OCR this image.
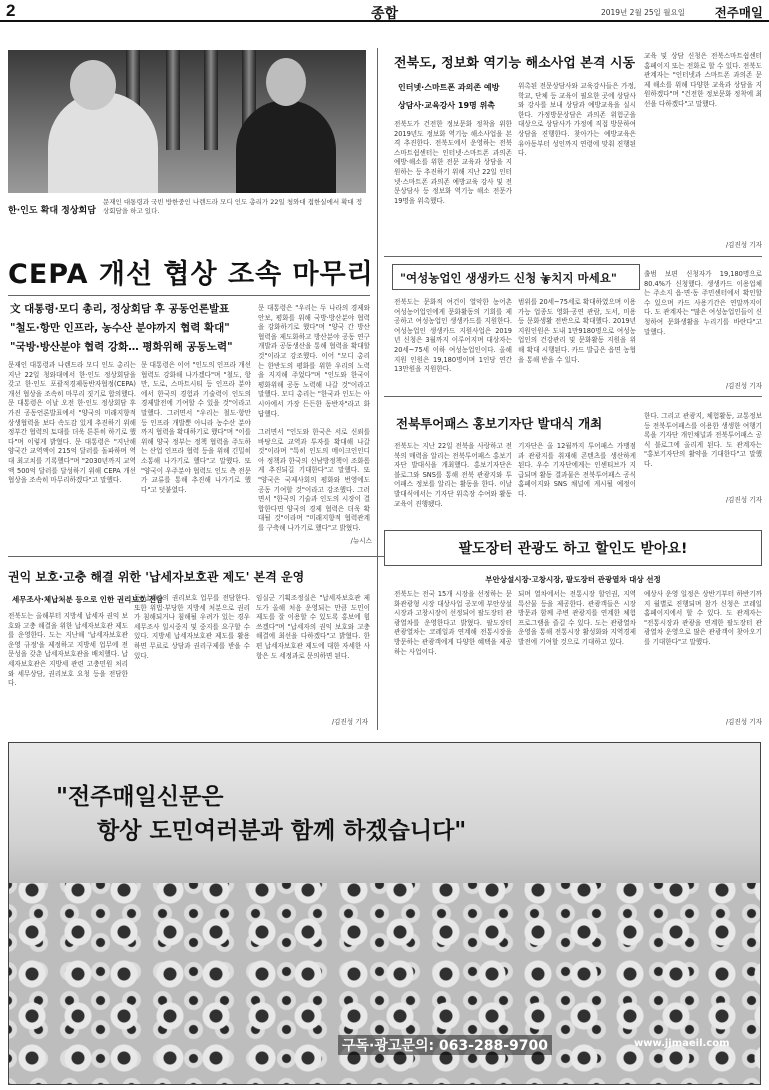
2	종합	2019년 2월 25일 월요일 전주매일
한·인도 확대 정상회담
문재인 대통령과 국빈 방한중인 나렌드라 모디 인도 총리가 22일 청와대 접한실에서 확대 정상회담을 하고 있다.
CEPA 개선 협상 조속 마무리
文 대통령·모디 총리, 정상회담 후 공동언론발표
"철도·항만 인프라, 농수산 분야까지 협력 확대"
"국방·방산분야 협력 강화… 평화위해 공동노력"
문재인 대통령과 나렌드라 모디 인도 총리는 지난 22일 청와대에서 한·인도 정상회담을 갖고 한·인도 포괄적경제동반자협정(CEPA) 개선 협상을 조속히 마무리 짓기로 합의했다. 문 대통령은 이날 오전 한·인도 정상회담 후 가진 공동언론발표에서 "양국의 미래지향적 상생협력을 보다 속도감 있게 추진하기 위해 정부간 협력의 토대를 더욱 튼튼히 하기로 했다"며 이렇게 밝혔다. 문 대통령은 "지난해 양국간 교역액이 215억 달러를 돌파하며 역대 최고치를 기록했다"며 "2030년까지 교역액 500억 달러를 달성하기 위해 CEPA 개선 협상을 조속히 마무리하겠다"고 말했다.
문 대통령은 이어 "인도의 인프라 개선 협력도 강화해 나가겠다"며 "철도, 항만, 도로, 스마트시티 등 인프라 분야에서 한국의 경험과 기술력이 인도의 경제발전에 기여할 수 있을 것"이라고 말했다. 그러면서 "우리는 철도·항만 등 인프라 개발뿐 아니라 농수산 분야까지 협력을 확대하기로 했다"며 "이를 위해 양국 정부는 정책 협력을 주도하는 산업 인프라 협력 등을 위해 긴밀히 소통해 나가기로 했다"고 말했다. 또 "양국이 우주분야 협력도 인도 측 전문가 교류를 통해 추진해 나가기로 했다"고 덧붙였다.
문 대통령은 "우리는 두 나라의 경제와 안보, 평화를 위해 국방·방산분야 협력을 강화하기로 했다"며 "양국 간 방산 협력을 제도화하고 방산분야 공동 연구개발과 공동생산을 통해 협력을 확대할 것"이라고 강조했다. 이어 "모디 총리는 한반도의 평화를 위한 우리의 노력을 지지해 주었다"며 "인도와 한국이 평화위해 공동 노력해 나갈 것"이라고 말했다. 모디 총리는 "한국과 인도는 아시아에서 가장 든든한 동반자"라고 화답했다.
그러면서 "인도와 한국은 서로 신뢰를 바탕으로 교역과 투자를 확대해 나갈 것"이라며 "특히 인도의 메이크인인디아 정책과 한국의 신남방정책이 조화롭게 추진되길 기대한다"고 말했다. 또 "양국은 국제사회의 평화와 번영에도 공동 기여할 것"이라고 강조했다. 그러면서 "한국의 기술과 인도의 시장이 결합한다면 양국의 경제 협력은 더욱 확대될 것"이라며 "미래지향적 협력관계를 구축해 나가기로 했다"고 밝혔다.
/뉴시스
전북도, 정보화 역기능 해소사업 본격 시동
인터넷·스마트폰 과의존 예방
상담사·교육강사 19명 위촉
전북도가 건전한 정보문화 정착을 위한 2019년도 정보화 역기능 해소사업을 본격 추진한다. 전북도에서 운영하는 전북스마트쉼센터는 인터넷·스마트폰 과의존 예방·해소를 위한 전문 교육과 상담을 지원하는 등 추진하기 위해 지난 22일 인터넷·스마트폰 과의존 예방교육 강사 및 전문상담사 등 정보화 역기능 해소 전문가 19명을 위촉했다.
위촉된 전문상담사와 교육강사들은 가정, 학교, 단체 등 교육이 필요한 곳에 상담사와 강사를 보내 상담과 예방교육을 실시한다. 가정방문상담은 과의존 위험군을 대상으로 상담사가 가정에 직접 방문하여 상담을 진행한다. 찾아가는 예방교육은 유아동부터 성인까지 연령에 맞춰 진행된다.
교육 및 상담 신청은 전북스마트쉼센터 홈페이지 또는 전화로 할 수 있다. 전북도 관계자는 "인터넷과 스마트폰 과의존 문제 해소를 위해 다양한 교육과 상담을 지원하겠다"며 "건전한 정보문화 정착에 최선을 다하겠다"고 말했다.
/김진성 기자
"여성농업인 생생카드 신청 놓치지 마세요"
전북도는 문화적 여건이 열악한 농어촌 여성농어업인에게 문화활동의 기회를 제공하고 여성농업인 생생카드를 지원한다. 여성농업인 생생카드 지원사업은 2019년 신청은 3월까지 이루어지며 대상자는 20세~75세 이하 여성농업인이다. 올해 지원 인원은 19,180명이며 1인당 연간 13만원을 지원한다.
범위를 20세~75세로 확대하였으며 이용가능 업종도 영화·공연 관람, 도서, 미용 등 문화생활 전반으로 확대했다. 2019년 지원인원은 도내 1만9180명으로 여성농업인의 건강관리 및 문화활동 지원을 위해 확대 시행된다. 카드 발급은 읍면 농협을 통해 받을 수 있다.
출범 보편 신청자가 19,180명으로 80.4%가 신청했다. 생생카드 이용업체는 주소지 읍·면·동 주민센터에서 확인할 수 있으며 카드 사용기간은 연말까지이다. 도 관계자는 "많은 여성농업인들이 신청하여 문화생활을 누리기를 바란다"고 말했다.
/김진성 기자
전북투어패스 홍보기자단 발대식 개최
전북도는 지난 22일 전북을 사랑하고 전북의 매력을 알리는 전북투어패스 홍보기자단 발대식을 개최했다. 홍보기자단은 블로그와 SNS를 통해 전북 관광지와 투어패스 정보를 알리는 활동을 한다. 이날 발대식에서는 기자단 위촉장 수여와 활동 교육이 진행됐다.
기자단은 올 12월까지 투어패스 가맹점과 관광지를 취재해 콘텐츠를 생산하게 된다. 우수 기자단에게는 인센티브가 지급되며 활동 결과물은 전북투어패스 공식 홈페이지와 SNS 채널에 게시될 예정이다.
한다. 그리고 관광지, 체험활동, 교통정보 등 전북투어패스를 이용한 생생한 여행기록을 기자단 개인채널과 전북투어패스 공식 블로그에 올리게 된다. 도 관계자는 "홍보기자단의 활약을 기대한다"고 말했다.
/김진성 기자
권익 보호·고충 해결 위한 '납세자보호관 제도' 본격 운영
세무조사·체납처분 등으로 인한 권리보호 전담
전북도는 올해부터 지방세 납세자 권익 보호와 고충 해결을 위한 납세자보호관 제도를 운영한다. 도는 지난해 '납세자보호관 운영 규정'을 제정하고 지방세 업무에 전문성을 갖춘 납세자보호관을 배치했다. 납세자보호관은 지방세 관련 고충민원 처리와 세무상담, 권리보호 요청 등을 전담한다.
등 납세자의 권리보호 업무를 전담한다. 또한 위법·부당한 지방세 처분으로 권리가 침해되거나 침해될 우려가 있는 경우 세무조사 일시중지 및 중지를 요구할 수 있다. 지방세 납세자보호관 제도를 활용하면 무료로 상담과 권리구제를 받을 수 있다.
임실군 기획조정실은 "납세자보호관 제도가 올해 처음 운영되는 만큼 도민이 제도를 잘 이용할 수 있도록 홍보에 힘쓰겠다"며 "납세자의 권익 보호와 고충 해결에 최선을 다하겠다"고 밝혔다. 한편 납세자보호관 제도에 대한 자세한 사항은 도 세정과로 문의하면 된다.
/김진성 기자
팔도장터 관광도 하고 할인도 받아요!
부안상설시장·고창시장, 팔도장터 관광열차 대상 선정
전북도는 전국 15개 시장을 선정하는 문화관광형 시장 대상사업 공모에 부안상설시장과 고창시장이 선정되어 팔도장터 관광열차를 운영한다고 밝혔다. 팔도장터 관광열차는 코레일과 연계해 전통시장을 방문하는 관광객에게 다양한 혜택을 제공하는 사업이다.
되며 열차에서는 전통시장 할인권, 지역 특산물 등을 제공한다. 관광객들은 시장 방문과 함께 주변 관광지를 연계한 체험 프로그램을 즐길 수 있다. 도는 관광열차 운영을 통해 전통시장 활성화와 지역경제 발전에 기여할 것으로 기대하고 있다.
예상사 운영 일정은 상반기부터 하반기까지 월별로 진행되며 참가 신청은 코레일 홈페이지에서 할 수 있다. 도 관계자는 "전통시장과 관광을 연계한 팔도장터 관광열차 운영으로 많은 관광객이 찾아오기를 기대한다"고 말했다.
/김진성 기자
"전주매일신문은
항상 도민여러분과 함께 하겠습니다"
구독·광고문의: 063-288-9700	www.jjmaeil.com
